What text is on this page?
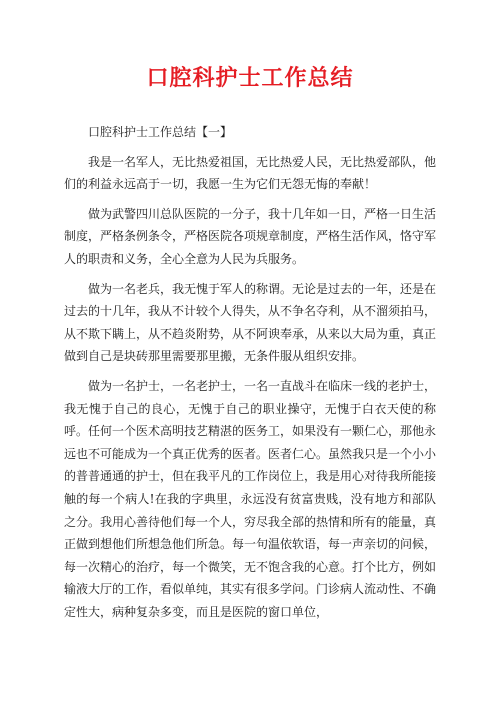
口腔科护士工作总结

口腔科护士工作总结【一】

我是一名军人，无比热爱祖国，无比热爱人民，无比热爱部队，他们的利益永远高于一切，我愿一生为它们无怨无悔的奉献！

做为武警四川总队医院的一分子，我十几年如一日，严格一日生活制度，严格条例条令，严格医院各项规章制度，严格生活作风，恪守军人的职责和义务，全心全意为人民为兵服务。

做为一名老兵，我无愧于军人的称谓。无论是过去的一年，还是在过去的十几年，我从不计较个人得失，从不争名夺利，从不溜须拍马，从不欺下瞒上，从不趋炎附势，从不阿谀奉承，从来以大局为重，真正做到自己是块砖那里需要那里搬，无条件服从组织安排。

做为一名护士，一名老护士，一名一直战斗在临床一线的老护士，我无愧于自己的良心，无愧于自己的职业操守，无愧于白衣天使的称呼。任何一个医术高明技艺精湛的医务工，如果没有一颗仁心，那他永远也不可能成为一个真正优秀的医者。医者仁心。虽然我只是一个小小的普普通通的护士，但在我平凡的工作岗位上，我是用心对待我所能接触的每一个病人!在我的字典里，永远没有贫富贵贱，没有地方和部队之分。我用心善待他们每一个人，穷尽我全部的热情和所有的能量，真正做到想他们所想急他们所急。每一句温依软语，每一声亲切的问候，每一次精心的治疗，每一个微笑，无不饱含我的心意。打个比方，例如输液大厅的工作，看似单纯，其实有很多学问。门诊病人流动性、不确定性大，病种复杂多变，而且是医院的窗口单位，
